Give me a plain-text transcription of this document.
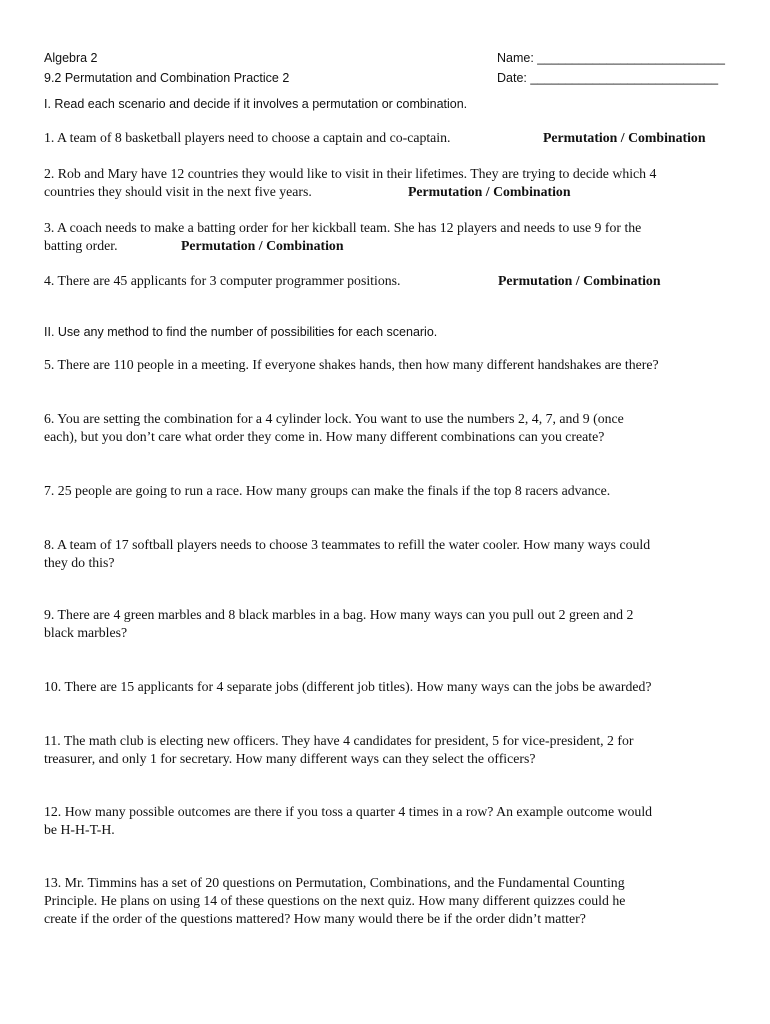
Algebra 2
9.2 Permutation and Combination Practice 2
Name: ___________________________
Date: ___________________________
I. Read each scenario and decide if it involves a permutation or combination.
1. A team of 8 basketball players need to choose a captain and co-captain.	Permutation / Combination
2. Rob and Mary have 12 countries they would like to visit in their lifetimes. They are trying to decide which 4
countries they should visit in the next five years.	Permutation / Combination
3. A coach needs to make a batting order for her kickball team. She has 12 players and needs to use 9 for the
batting order.	Permutation / Combination
4. There are 45 applicants for 3 computer programmer positions.	Permutation / Combination
II. Use any method to find the number of possibilities for each scenario.
5. There are 110 people in a meeting. If everyone shakes hands, then how many different handshakes are there?
6. You are setting the combination for a 4 cylinder lock. You want to use the numbers 2, 4, 7, and 9 (once
each), but you don’t care what order they come in. How many different combinations can you create?
7. 25 people are going to run a race. How many groups can make the finals if the top 8 racers advance.
8. A team of 17 softball players needs to choose 3 teammates to refill the water cooler. How many ways could
they do this?
9. There are 4 green marbles and 8 black marbles in a bag. How many ways can you pull out 2 green and 2
black marbles?
10. There are 15 applicants for 4 separate jobs (different job titles). How many ways can the jobs be awarded?
11. The math club is electing new officers. They have 4 candidates for president, 5 for vice-president, 2 for
treasurer, and only 1 for secretary. How many different ways can they select the officers?
12. How many possible outcomes are there if you toss a quarter 4 times in a row? An example outcome would
be H-H-T-H.
13. Mr. Timmins has a set of 20 questions on Permutation, Combinations, and the Fundamental Counting
Principle. He plans on using 14 of these questions on the next quiz. How many different quizzes could he
create if the order of the questions mattered? How many would there be if the order didn’t matter?
